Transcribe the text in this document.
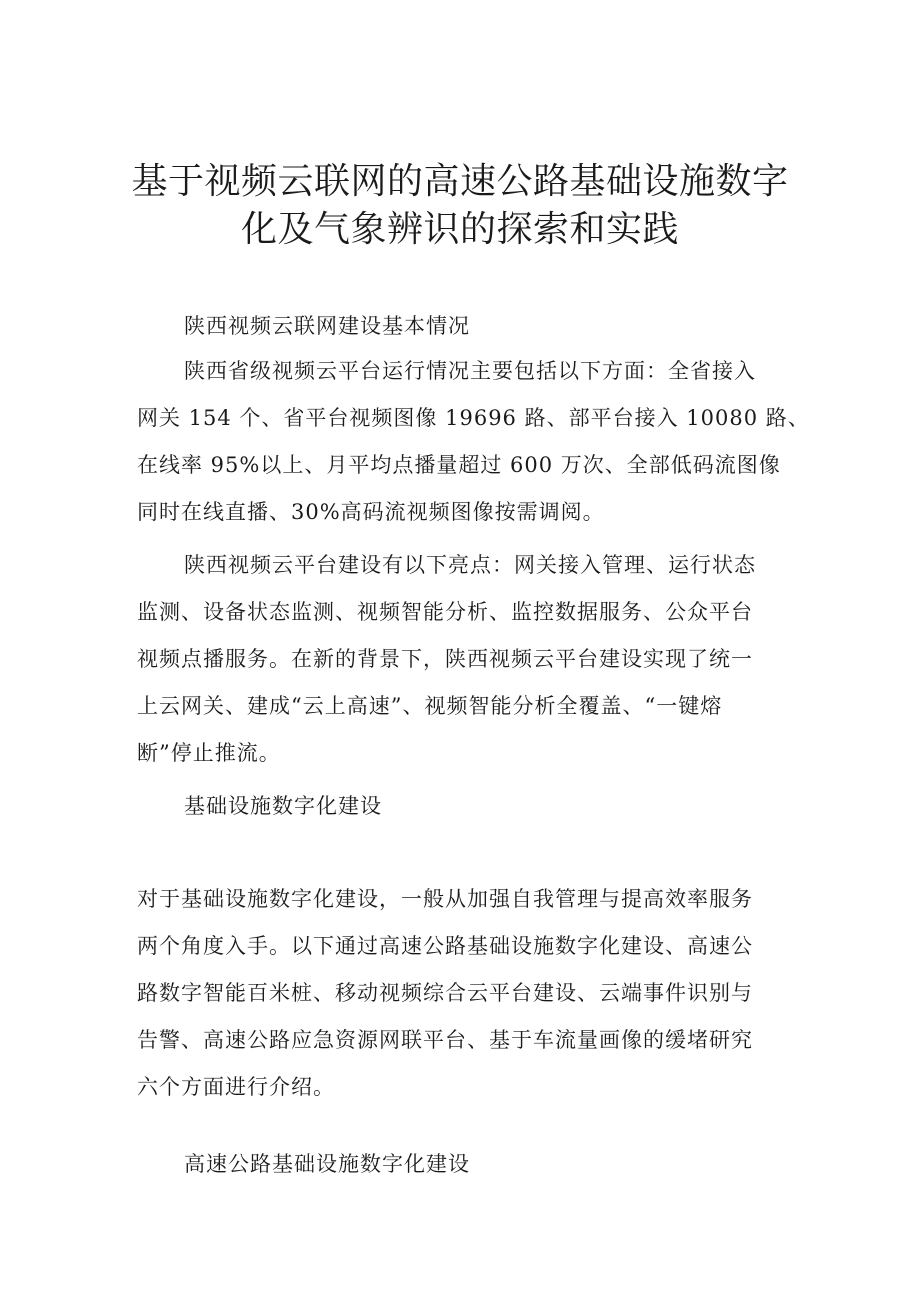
基于视频云联网的高速公路基础设施数字
化及气象辨识的探索和实践
陕西视频云联网建设基本情况
陕西省级视频云平台运行情况主要包括以下方面：全省接入
网关 154 个、省平台视频图像 19696 路、部平台接入 10080 路、
在线率 95%以上、月平均点播量超过 600 万次、全部低码流图像
同时在线直播、30%高码流视频图像按需调阅。
陕西视频云平台建设有以下亮点：网关接入管理、运行状态
监测、设备状态监测、视频智能分析、监控数据服务、公众平台
视频点播服务。在新的背景下，陕西视频云平台建设实现了统一
上云网关、建成“云上高速”、视频智能分析全覆盖、“一键熔
断”停止推流。
基础设施数字化建设
对于基础设施数字化建设，一般从加强自我管理与提高效率服务
两个角度入手。以下通过高速公路基础设施数字化建设、高速公
路数字智能百米桩、移动视频综合云平台建设、云端事件识别与
告警、高速公路应急资源网联平台、基于车流量画像的缓堵研究
六个方面进行介绍。
高速公路基础设施数字化建设
